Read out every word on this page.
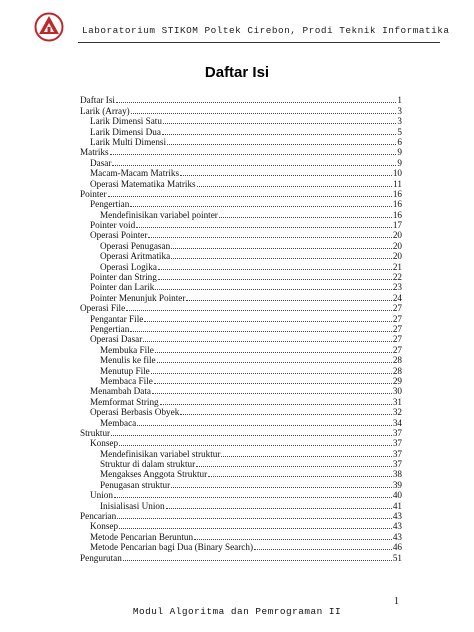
Laboratorium STIKOM Poltek Cirebon, Prodi Teknik Informatika
Daftar Isi
Daftar Isi	1
Larik (Array)	3
Larik Dimensi Satu	3
Larik Dimensi Dua	5
Larik Multi Dimensi	6
Matriks	9
Dasar	9
Macam-Macam Matriks	10
Operasi Matematika Matriks	11
Pointer	16
Pengertian	16
Mendefinisikan variabel pointer	16
Pointer void	17
Operasi Pointer	20
Operasi Penugasan	20
Operasi Aritmatika	20
Operasi Logika	21
Pointer dan String	22
Pointer dan Larik	23
Pointer Menunjuk Pointer	24
Operasi File	27
Pengantar File	27
Pengertian	27
Operasi Dasar	27
Membuka File	27
Menulis ke file	28
Menutup File	28
Membaca File	29
Menambah Data	30
Memformat String	31
Operasi Berbasis Obyek	32
Membaca	34
Struktur	37
Konsep	37
Mendefinisikan variabel struktur	37
Struktur di dalam struktur	37
Mengakses Anggota Struktur	38
Penugasan struktur	39
Union	40
Inisialisasi Union	41
Pencarian	43
Konsep	43
Metode Pencarian Beruntun	43
Metode Pencarian bagi Dua (Binary Search)	46
Pengurutan	51
1
Modul Algoritma dan Pemrograman II
